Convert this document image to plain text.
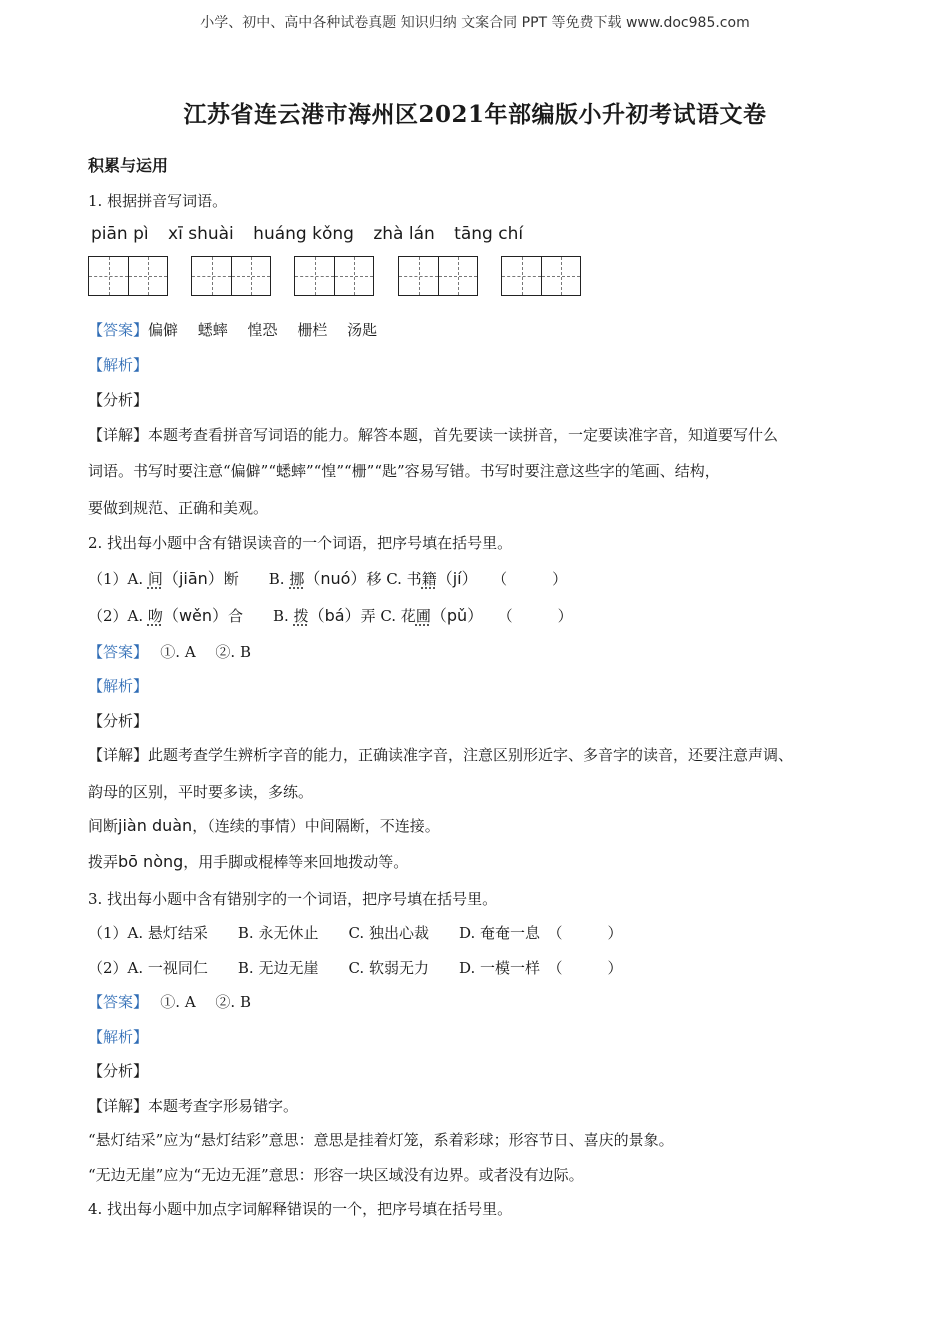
小学、初中、高中各种试卷真题 知识归纳 文案合同 PPT 等免费下载 www.doc985.com
江苏省连云港市海州区2021年部编版小升初考试语文卷
积累与运用
1. 根据拼音写词语。
piān pì xī shuài huáng kǒng zhà lán tāng chí
【答案】偏僻　 蟋蟀　 惶恐　 栅栏　 汤匙
【解析】
【分析】
【详解】本题考查看拼音写词语的能力。解答本题，首先要读一读拼音，一定要读准字音，知道要写什么
词语。书写时要注意“偏僻”“蟋蟀”“惶”“栅”“匙”容易写错。书写时要注意这些字的笔画、结构，
要做到规范、正确和美观。
2. 找出每小题中含有错误读音的一个词语，把序号填在括号里。
（1）A. 间（jiān）断　　B. 挪（nuó）移 C. 书籍（jí）　　（　　　）
（2）A. 吻（wěn）合　　B. 拨（bá）弄 C. 花圃（pǔ）　　（　　　）
【答案】　 ①. A　 ②. B
【解析】
【分析】
【详解】此题考查学生辨析字音的能力，正确读准字音，注意区别形近字、多音字的读音，还要注意声调、
韵母的区别，平时要多读，多练。
间断jiàn duàn，（连续的事情）中间隔断，不连接。
拨弄bō nòng，用手脚或棍棒等来回地拨动等。
3. 找出每小题中含有错别字的一个词语，把序号填在括号里。
（1）A. 悬灯结采　　B. 永无休止　　C. 独出心裁　　D. 奄奄一息　（　　　）
（2）A. 一视同仁　　B. 无边无崖　　C. 软弱无力　　D. 一模一样　（　　　）
【答案】　 ①. A　 ②. B
【解析】
【分析】
【详解】本题考查字形易错字。
“悬灯结采”应为“悬灯结彩”意思：意思是挂着灯笼，系着彩球；形容节日、喜庆的景象。
“无边无崖”应为“无边无涯”意思：形容一块区域没有边界。或者没有边际。
4. 找出每小题中加点字词解释错误的一个，把序号填在括号里。
